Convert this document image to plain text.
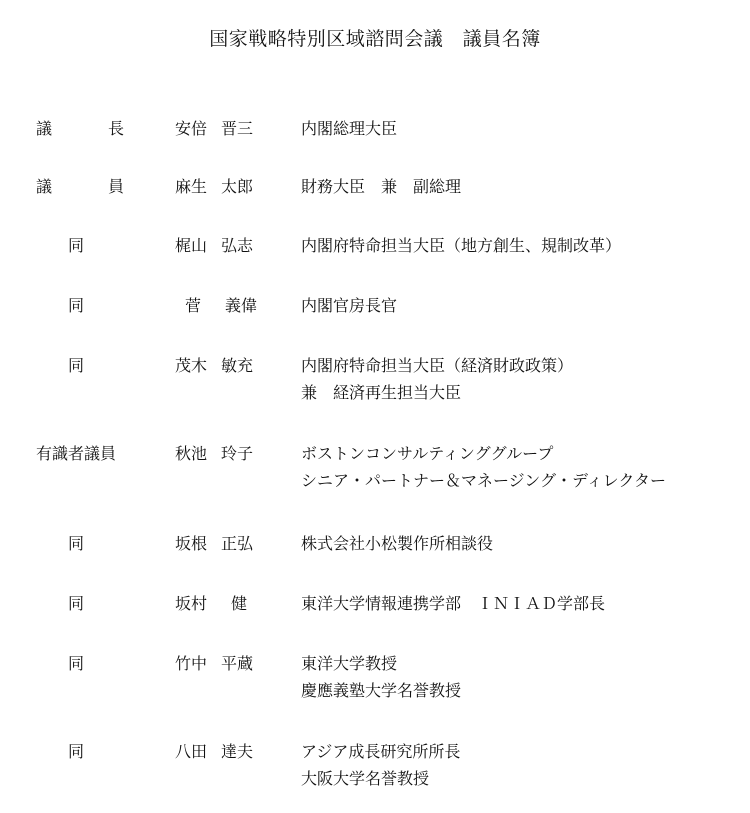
国家戦略特別区域諮問会議　議員名簿
議	長	安倍 晋三	内閣総理大臣
議	員	麻生 太郎	財務大臣　兼　副総理
同	梶山 弘志	内閣府特命担当大臣（地方創生、規制改革）
同	菅 義偉	内閣官房長官
同	茂木 敏充	内閣府特命担当大臣（経済財政政策）
兼　経済再生担当大臣
有識者議員	秋池 玲子	ボストンコンサルティンググループ
シニア・パートナー＆マネージング・ディレクター
同	坂根 正弘	株式会社小松製作所相談役
同	坂村 健	東洋大学情報連携学部　ＩＮＩＡＤ学部長
同	竹中 平蔵	東洋大学教授
慶應義塾大学名誉教授
同	八田 達夫	アジア成長研究所所長
大阪大学名誉教授
